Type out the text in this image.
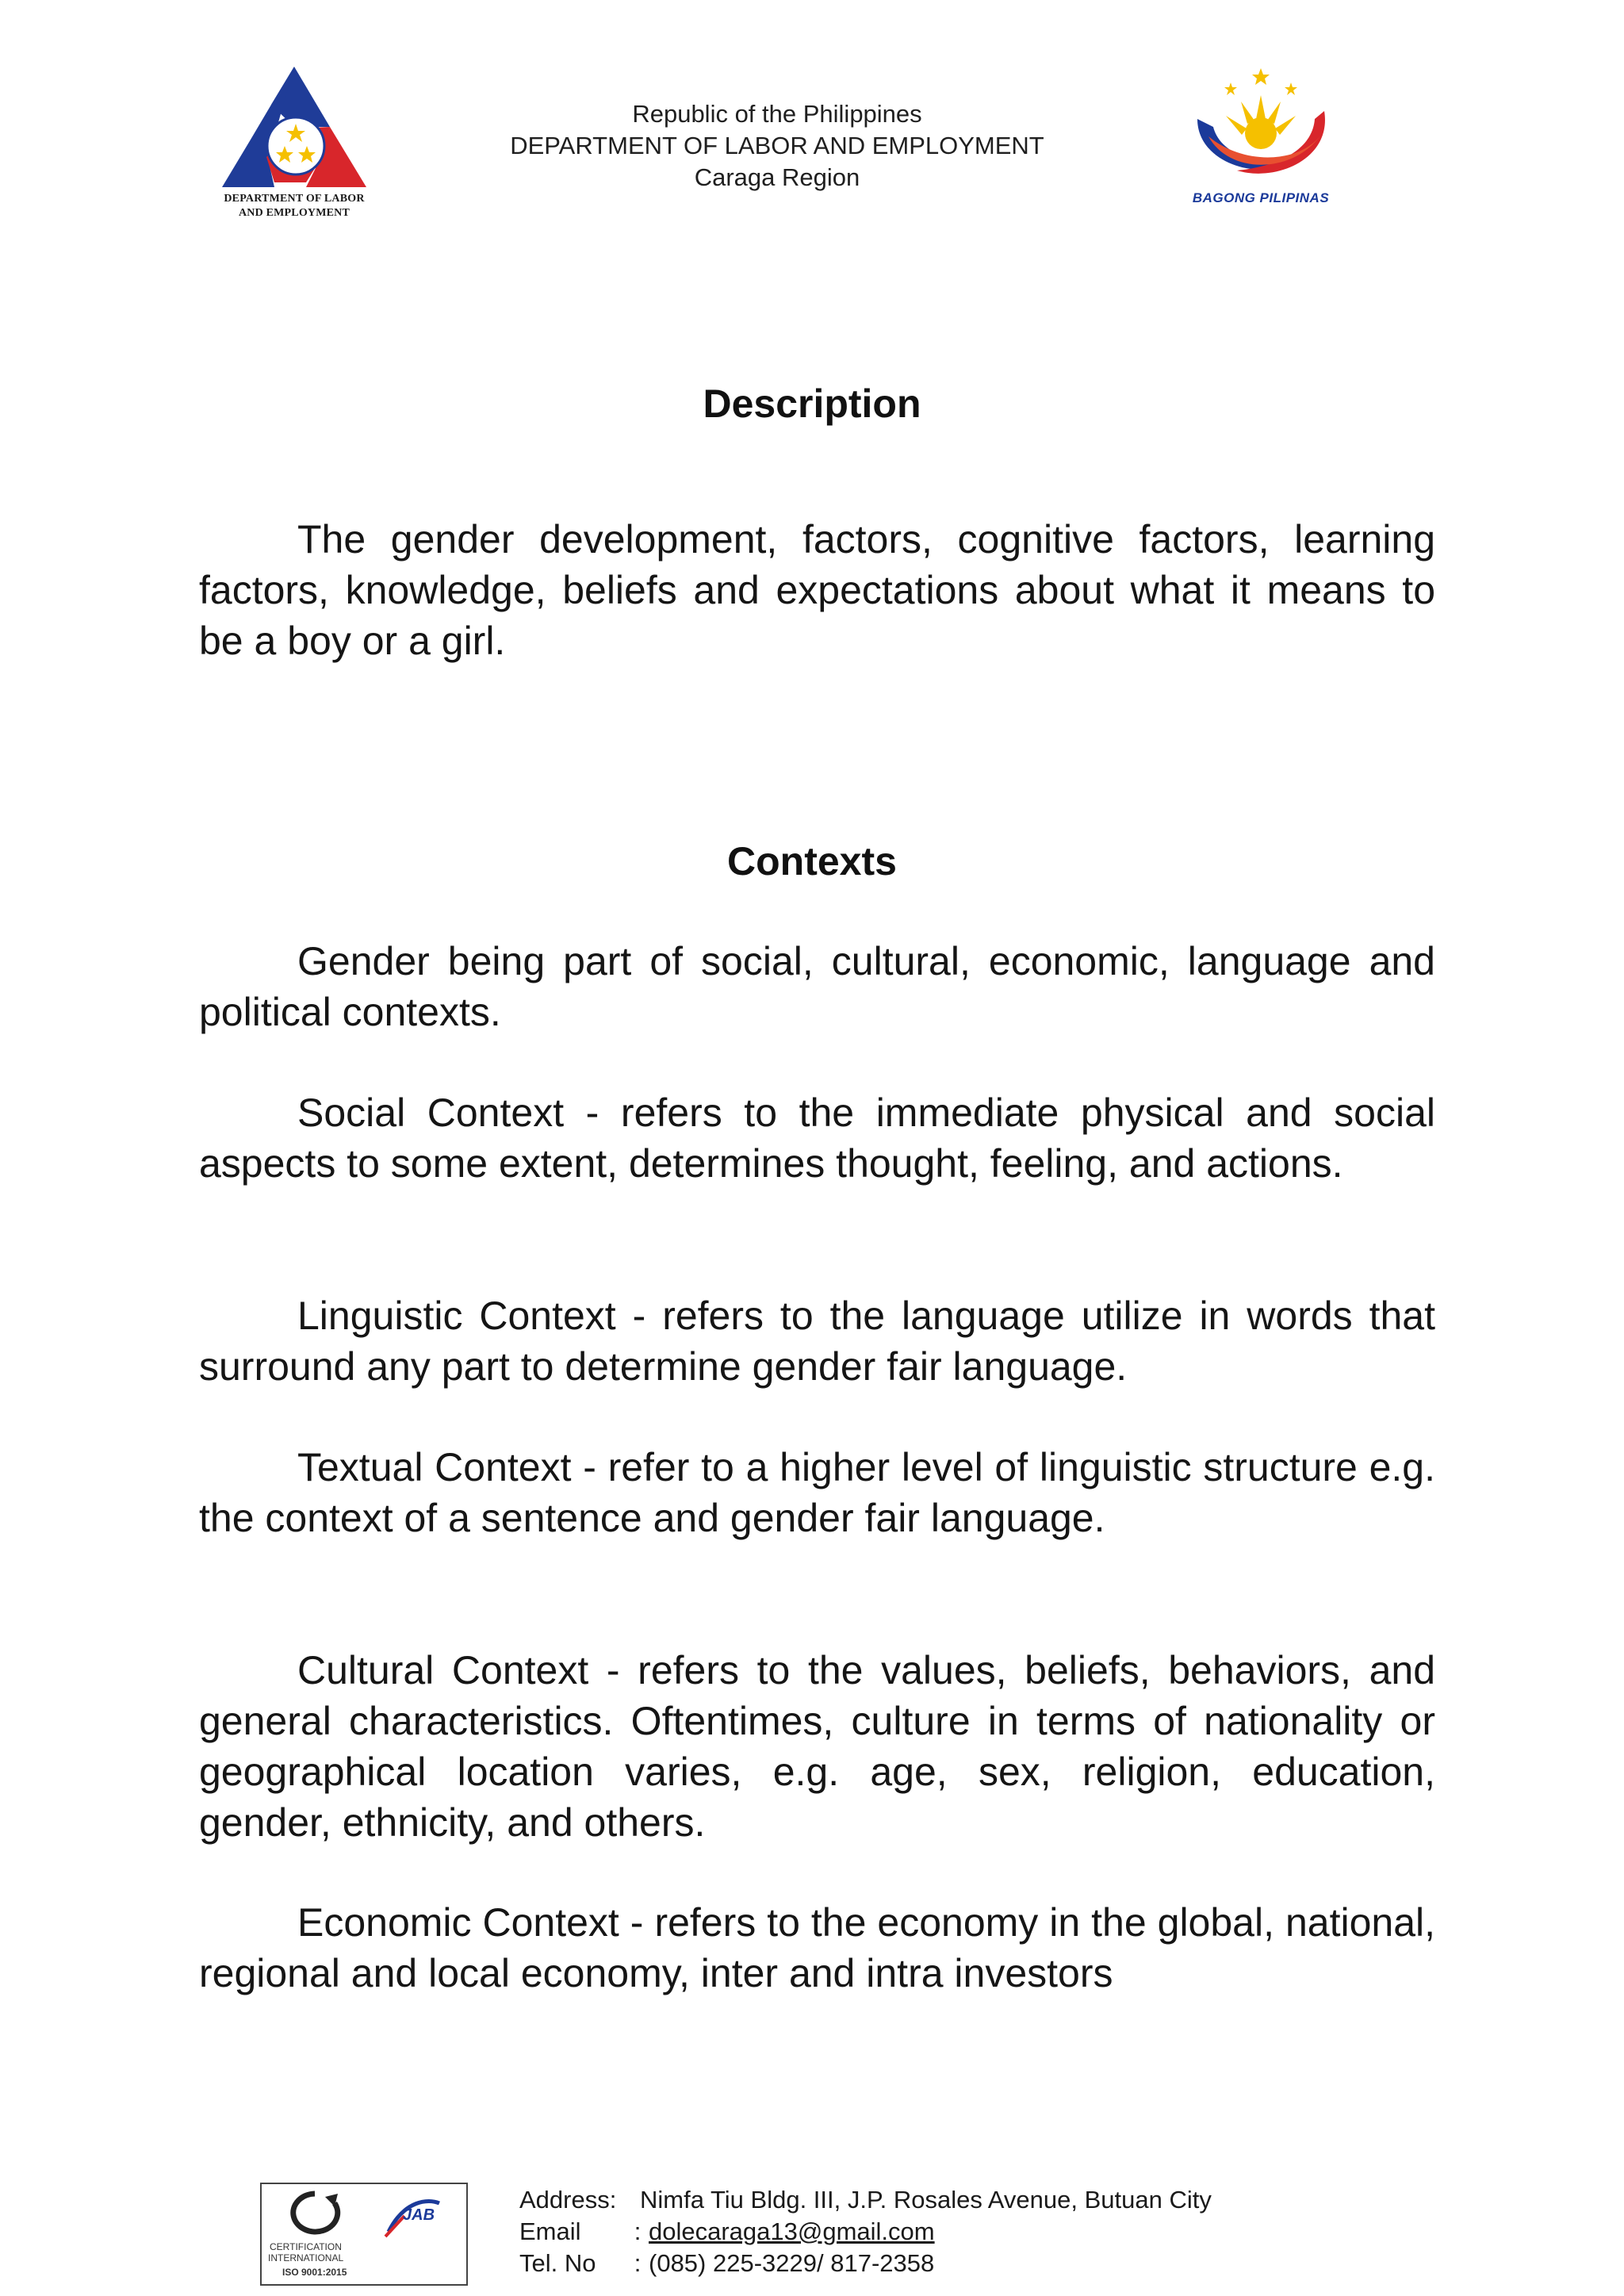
DEPARTMENT OF LABOR
AND EMPLOYMENT
Republic of the Philippines
DEPARTMENT OF LABOR AND EMPLOYMENT
Caraga Region
BAGONG PILIPINAS
Description

The gender development, factors, cognitive factors, learning factors, knowledge, beliefs and expectations about what it means to be a boy or a girl.

Contexts

Gender being part of social, cultural, economic, language and political contexts.

Social Context - refers to the immediate physical and social aspects to some extent, determines thought, feeling, and actions.

Linguistic Context - refers to the language utilize in words that surround any part to determine gender fair language.

Textual Context - refer to a higher level of linguistic structure e.g. the context of a sentence and gender fair language.

Cultural Context - refers to the values, beliefs, behaviors, and general characteristics. Oftentimes, culture in terms of nationality or geographical location varies, e.g. age, sex, religion, education, gender, ethnicity, and others.

Economic Context - refers to the economy in the global, national, regional and local economy, inter and intra investors

CERTIFICATION
INTERNATIONAL
ISO 9001:2015
JAB
Address: Nimfa Tiu Bldg. III, J.P. Rosales Avenue, Butuan City
Email	: dolecaraga13@gmail.com
Tel. No	: (085) 225-3229/ 817-2358
